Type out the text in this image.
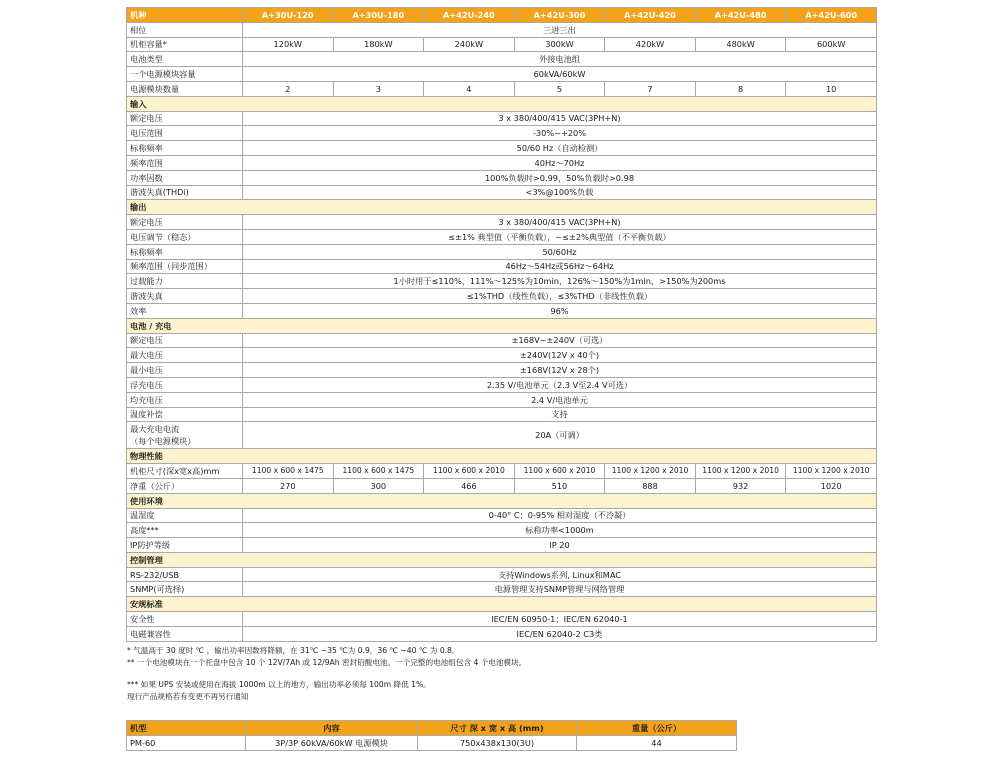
机种	A+30U-120	A+30U-180	A+42U-240	A+42U-300	A+42U-420	A+42U-480	A+42U-600
相位	三进三出						
机柜容量*	120kW	180kW	240kW	300kW	420kW	480kW	600kW
电池类型	外接电池组						
一个电源模块容量	60kVA/60kW						
电源模块数量	2	3	4	5	7	8	10
输入							
额定电压	3 x 380/400/415 VAC(3PH+N)						
电压范围	-30%~+20%						
标称频率	50/60 Hz（自动检测）						
频率范围	40Hz～70Hz						
功率因数	100%负载时>0.99，50%负载时>0.98						
谐波失真(THDi)	<3%@100%负载						
输出							
额定电压	3 x 380/400/415 VAC(3PH+N)						
电压调节（稳态）	≤±1% 典型值（平衡负载），~≤±2%典型值（不平衡负载）						
标称频率	50/60Hz						
频率范围（同步范围）	46Hz～54Hz或56Hz～64Hz						
过载能力	1小时用于≤110%，111%～125%为10min，126%～150%为1min，>150%为200ms						
谐波失真	≤1%THD（线性负载），≤3%THD（非线性负载）						
效率	96%						
电池 / 充电							
额定电压	±168V~±240V（可选）						
最大电压	±240V(12V x 40个)						
最小电压	±168V(12V x 28个)						
浮充电压	2.35 V/电池单元（2.3 V至2.4 V可选）						
均充电压	2.4 V/电池单元						
温度补偿	支持						

最大充电电流
（每个电源模块）	20A（可调）						
物理性能							
机柜尺寸(深x宽x高)mm	1100 x 600 x 1475	1100 x 600 x 1475	1100 x 600 x 2010	1100 x 600 x 2010	1100 x 1200 x 2010	1100 x 1200 x 2010	1100 x 1200 x 2010
净重（公斤）	270	300	466	510	888	932	1020
使用环境							
温湿度	0-40° C；0-95% 相对湿度（不冷凝）						
高度***	标称功率<1000m						
IP防护等级	IP 20						
控制管理							
RS-232/USB	支持Windows系列, Linux和MAC						
SNMP(可选择)	电源管理支持SNMP管理与网络管理						
安规标准							
安全性	IEC/EN 60950-1；IEC/EN 62040-1						
电磁兼容性	IEC/EN 62040-2 C3类						
* 气温高于 30 度时 ℃ ，输出功率因数将降额，在 31℃ ~35 ℃为 0.9，36 ℃ ~40 ℃ 为 0.8。
** 一个电池模块在一个托盘中包含 10 个 12V/7Ah 或 12/9Ah 密封铅酸电池。一个完整的电池组包含 4 个电池模块。
*** 如果 UPS 安装或使用在海拔 1000m 以上的地方，输出功率必须每 100m 降低 1%。
现行产品规格若有变更不再另行通知
机型	内容	尺寸 深 x 宽 x 高 (mm)	重量（公斤）
PM-60	3P/3P 60kVA/60kW 电源模块	750x438x130(3U)	44
